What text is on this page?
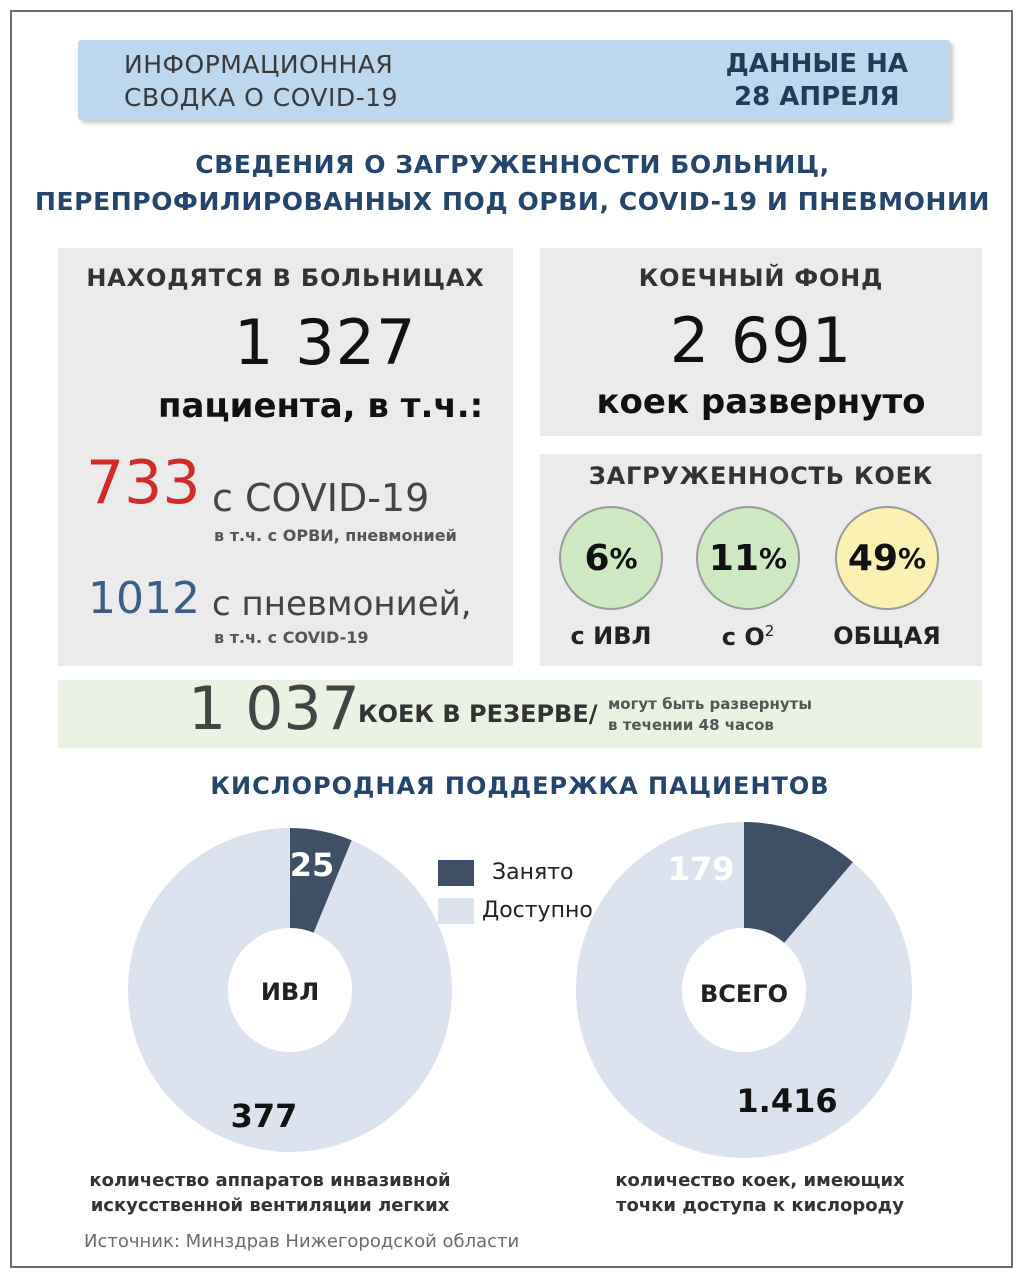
ИНФОРМАЦИОННАЯ
СВОДКА О COVID-19
ДАННЫЕ НА
28 АПРЕЛЯ
СВЕДЕНИЯ О ЗАГРУЖЕННОСТИ БОЛЬНИЦ,
ПЕРЕПРОФИЛИРОВАННЫХ ПОД ОРВИ, COVID-19 И ПНЕВМОНИИ
НАХОДЯТСЯ В БОЛЬНИЦАХ
1 327
пациента, в т.ч.:
733 с COVID-19
в т.ч. с ОРВИ, пневмонией
1012 с пневмонией,
в т.ч. с COVID-19
КОЕЧНЫЙ ФОНД
2 691
коек развернуто
ЗАГРУЖЕННОСТЬ КОЕК
6 % 11 % 49 %
с ИВЛ	с $О^2$	ОБЩАЯ
1 037
КОЕК В РЕЗЕРВЕ/ могут быть развернуты
в течении 48 часов
КИСЛОРОДНАЯ ПОДДЕРЖКА ПАЦИЕНТОВ
ИВЛ	ВСЕГО
25
377
179
1.416
Занято
Доступно
количество аппаратов инвазивной
искусственной вентиляции легких
количество коек, имеющих
точки доступа к кислороду
Источник: Минздрав Нижегородской области
